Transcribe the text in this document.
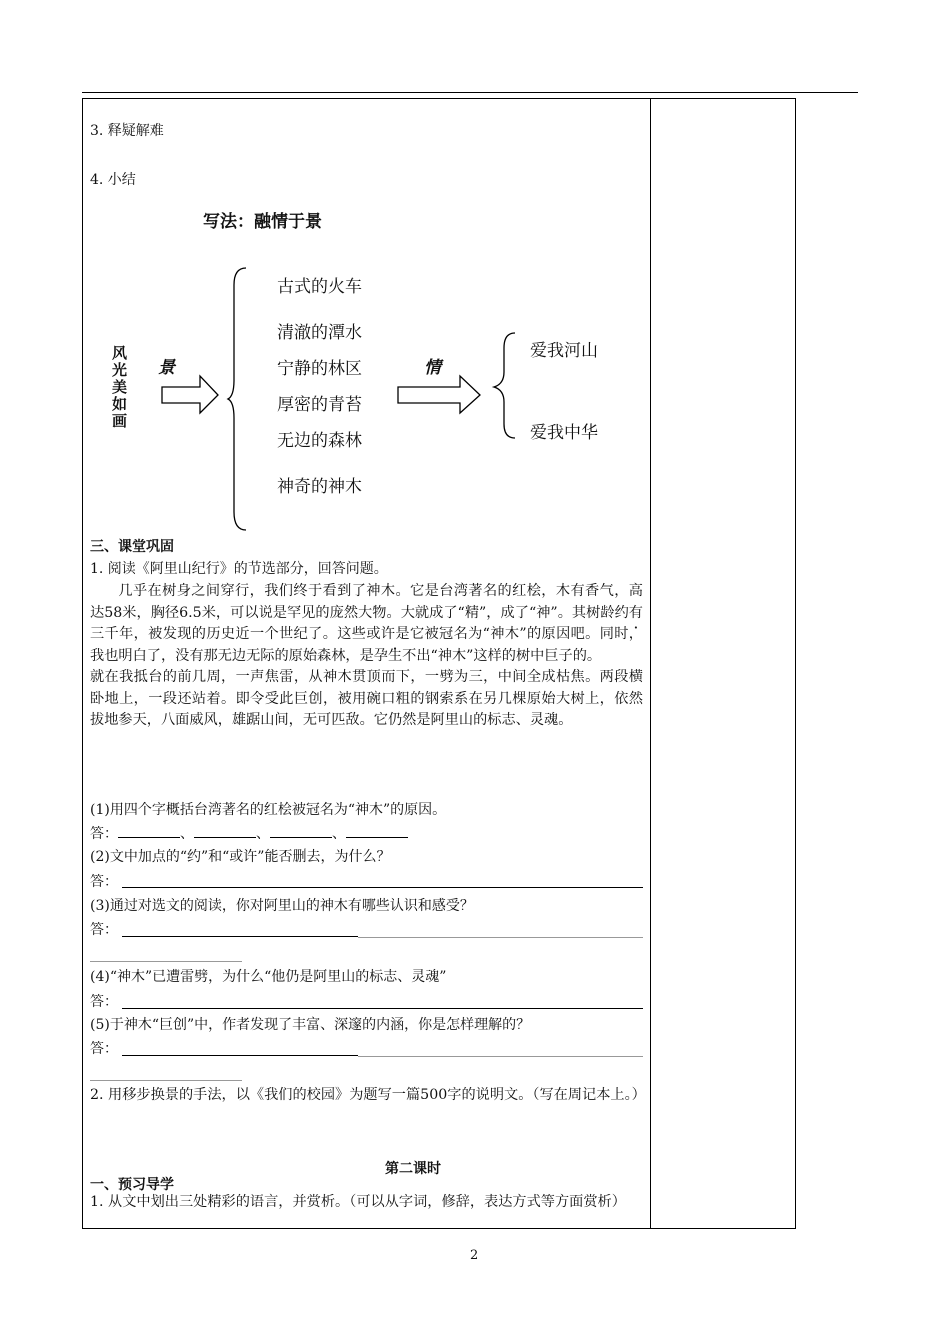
3. 释疑解难
4. 小结
写法：融情于景
风光美如画
景	情
古式的火车
清澈的潭水
宁静的林区
厚密的青苔
无边的森林
神奇的神木
爱我河山
爱我中华
三、课堂巩固
1. 阅读《阿里山纪行》的节选部分，回答问题。

几乎在树身之间穿行，我们终于看到了神木。它是台湾著名的红桧，木有香气，高达58米，胸径6.5米，可以说是罕见的庞然大物。大就成了“精”，成了“神”。其树龄约有三千年，被发现的历史近一个世纪了。这些或许是它被冠名为“神木”的原因吧。同时，我也明白了，没有那无边无际的原始森林，是孕生不出“神木”这样的树中巨子的。

就在我抵台的前几周，一声焦雷，从神木贯顶而下，一劈为三，中间全成枯焦。两段横卧地上，一段还站着。即令受此巨创，被用碗口粗的钢索系在另几棵原始大树上，依然拔地参天，八面威风，雄踞山间，无可匹敌。它仍然是阿里山的标志、灵魂。

(1)用四个字概括台湾著名的红桧被冠名为“神木”的原因。
答：	、	、	、
(2)文中加点的“约”和“或许”能否删去，为什么？
答：
(3)通过对选文的阅读，你对阿里山的神木有哪些认识和感受？
答：
(4)“神木”已遭雷劈，为什么“他仍是阿里山的标志、灵魂”
答：
(5)于神木“巨创”中，作者发现了丰富、深邃的内涵，你是怎样理解的？
答：
2. 用移步换景的手法，以《我们的校园》为题写一篇500字的说明文。（写在周记本上。）
第二课时
一、预习导学
1. 从文中划出三处精彩的语言，并赏析。（可以从字词，修辞，表达方式等方面赏析）
2
